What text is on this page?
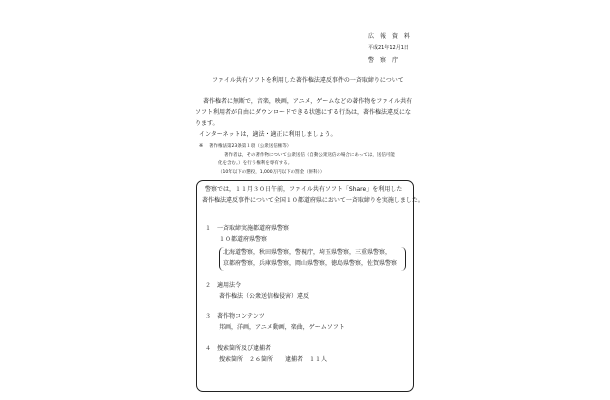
広　報　資　料
平成21年12月1日
警　察　庁
ファイル共有ソフトを利用した著作権法違反事件の一斉取締りについて
著作権者に無断で，音楽，映画，アニメ，ゲームなどの著作物をファイル共有
ソフト利用者が自由にダウンロードできる状態にする行為は，著作権法違反にな
ります。
インターネットは，適法・適正に利用しましょう。
※ 著作権法第23条第１項（公衆送信権等）
著作者は，その著作物について公衆送信（自動公衆送信の場合にあっては，送信可能
化を含む。）を行う権利を専有する。
（10年以下の懲役，1,000万円以下の罰金（併科））
警察では，１１月３０日午前，ファイル共有ソフト「Share」を利用した
著作権法違反事件について全国１０都道府県において一斉取締りを実施しました。
１　一斉取締実施都道府県警察
１０都道府県警察
北海道警察，秋田県警察，警視庁，埼玉県警察，三重県警察，
京都府警察，兵庫県警察，岡山県警察，徳島県警察，佐賀県警察
２　適用法令
著作権法（公衆送信権侵害）違反
３　著作物コンテンツ
邦画，洋画，アニメ動画，楽曲，ゲームソフト
４　捜索箇所及び逮捕者
捜索箇所　２６箇所　　逮捕者　１１人
